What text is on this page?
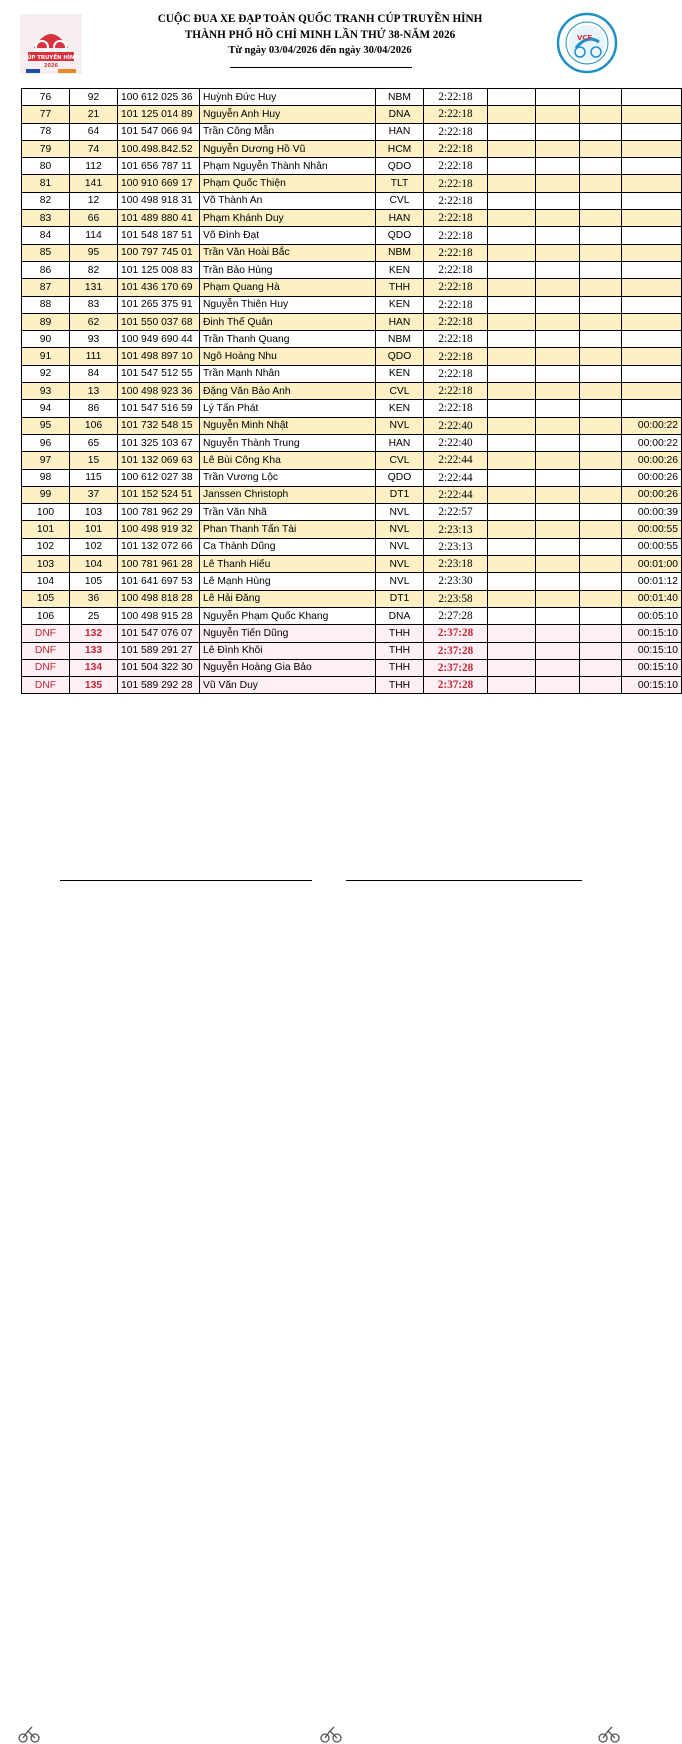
CÚP TRUYỀN HÌNH
2026
CUỘC ĐUA XE ĐẠP TOÀN QUỐC TRANH CÚP TRUYỀN HÌNH
THÀNH PHỐ HỒ CHÍ MINH LẦN THỨ 38-NĂM 2026
Từ ngày 03/04/2026 đến ngày 30/04/2026
VCF
76	92	100 612 025 36	Huỳnh Đức Huy	NBM	2:22:18				
77	21	101 125 014 89	Nguyễn Anh Huy	DNA	2:22:18				
78	64	101 547 066 94	Trần Công Mẫn	HAN	2:22:18				
79	74	100.498.842.52	Nguyễn Dương Hồ Vũ	HCM	2:22:18				
80	112	101 656 787 11	Phạm Nguyễn Thành Nhân	QDO	2:22:18				
81	141	100 910 669 17	Phạm Quốc Thiện	TLT	2:22:18				
82	12	100 498 918 31	Võ Thành An	CVL	2:22:18				
83	66	101 489 880 41	Phạm Khánh Duy	HAN	2:22:18				
84	114	101 548 187 51	Võ Đình Đạt	QDO	2:22:18				
85	95	100 797 745 01	Trần Văn Hoài Bắc	NBM	2:22:18				
86	82	101 125 008 83	Trần Bảo Hùng	KEN	2:22:18				
87	131	101 436 170 69	Phạm Quang Hà	THH	2:22:18				
88	83	101 265 375 91	Nguyễn Thiên Huy	KEN	2:22:18				
89	62	101 550 037 68	Đinh Thế Quân	HAN	2:22:18				
90	93	100 949 690 44	Trần Thanh Quang	NBM	2:22:18				
91	111	101 498 897 10	Ngô Hoàng Nhu	QDO	2:22:18				
92	84	101 547 512 55	Trần Mạnh Nhân	KEN	2:22:18				
93	13	100 498 923 36	Đặng Văn Bảo Anh	CVL	2:22:18				
94	86	101 547 516 59	Lý Tấn Phát	KEN	2:22:18				
95	106	101 732 548 15	Nguyễn Minh Nhật	NVL	2:22:40				00:00:22
96	65	101 325 103 67	Nguyễn Thành Trung	HAN	2:22:40				00:00:22
97	15	101 132 069 63	Lê Bùi Công Kha	CVL	2:22:44				00:00:26
98	115	100 612 027 38	Trần Vương Lộc	QDO	2:22:44				00:00:26
99	37	101 152 524 51	Janssen Christoph	DT1	2:22:44				00:00:26
100	103	100 781 962 29	Trần Văn Nhã	NVL	2:22:57				00:00:39
101	101	100 498 919 32	Phan Thanh Tấn Tài	NVL	2:23:13				00:00:55
102	102	101 132 072 66	Ca Thành Dũng	NVL	2:23:13				00:00:55
103	104	100 781 961 28	Lê Thanh Hiếu	NVL	2:23:18				00:01:00
104	105	101 641 697 53	Lê Mạnh Hùng	NVL	2:23:30				00:01:12
105	36	100 498 818 28	Lê Hải Đăng	DT1	2:23:58				00:01:40
106	25	100 498 915 28	Nguyễn Phạm Quốc Khang	DNA	2:27:28				00:05:10
DNF	132	101 547 076 07	Nguyễn Tiến Dũng	THH	2:37:28				00:15:10
DNF	133	101 589 291 27	Lê Đình Khôi	THH	2:37:28				00:15:10
DNF	134	101 504 322 30	Nguyễn Hoàng Gia Bảo	THH	2:37:28				00:15:10
DNF	135	101 589 292 28	Vũ Văn Duy	THH	2:37:28				00:15:10
